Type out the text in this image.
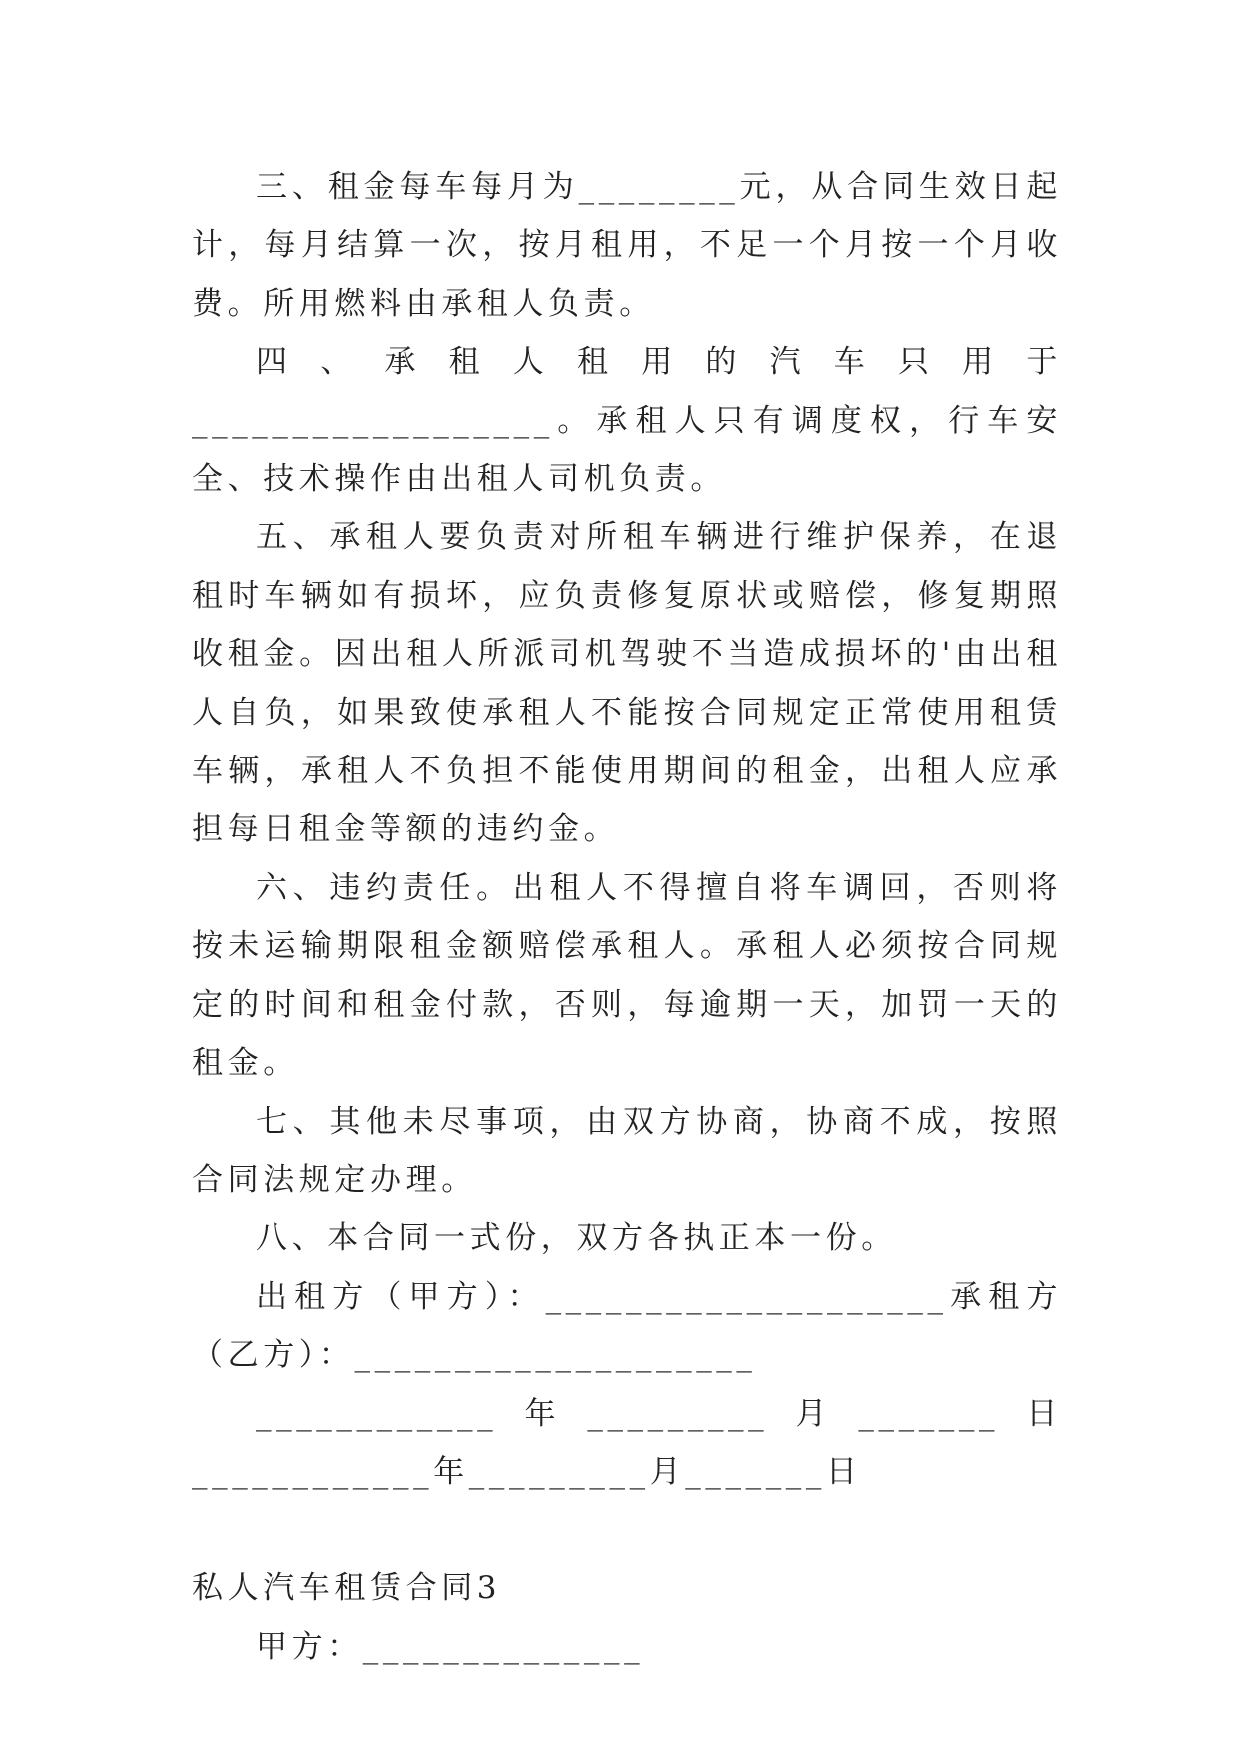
三、租金每车每月为________元，从合同生效日起计，每月结算一次，按月租用，不足一个月按一个月收费。所用燃料由承租人负责。

四、承租人租用的汽车只用于__________________。承租人只有调度权，行车安全、技术操作由出租人司机负责。

五、承租人要负责对所租车辆进行维护保养，在退租时车辆如有损坏，应负责修复原状或赔偿，修复期照收租金。因出租人所派司机驾驶不当造成损坏的'由出租人自负，如果致使承租人不能按合同规定正常使用租赁车辆，承租人不负担不能使用期间的租金，出租人应承担每日租金等额的违约金。

六、违约责任。出租人不得擅自将车调回，否则将按未运输期限租金额赔偿承租人。承租人必须按合同规定的时间和租金付款，否则，每逾期一天，加罚一天的租金。

七、其他未尽事项，由双方协商，协商不成，按照合同法规定办理。

八、本合同一式份，双方各执正本一份。

出租方（甲方）：____________________承租方（乙方）：____________________

____________年_________月_______日____________年_________月_______日

私人汽车租赁合同3

甲方：______________
